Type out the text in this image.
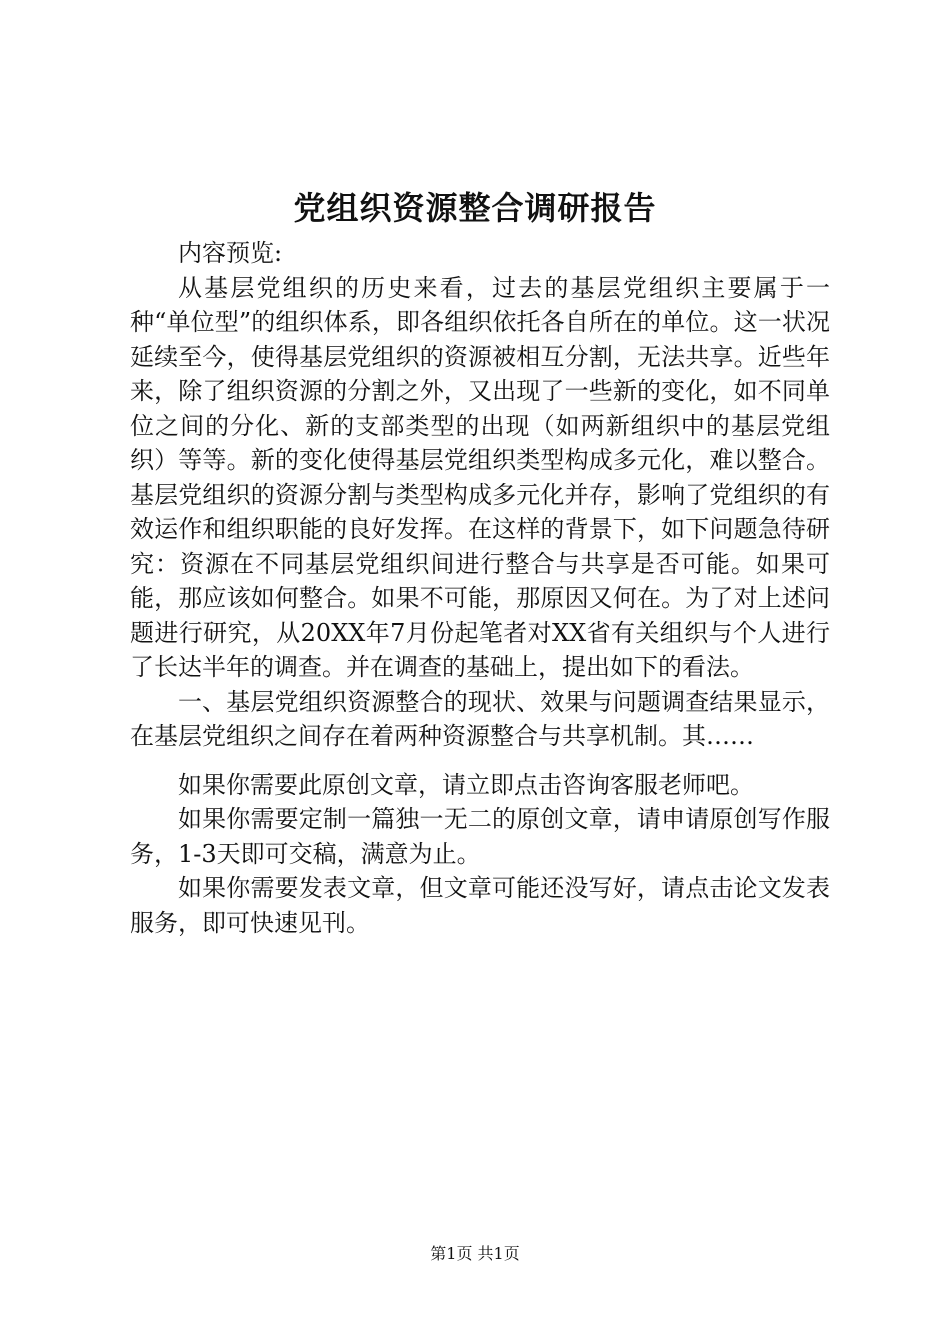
党组织资源整合调研报告

内容预览:

从基层党组织的历史来看，过去的基层党组织主要属于一种“单位型”的组织体系，即各组织依托各自所在的单位。这一状况延续至今，使得基层党组织的资源被相互分割，无法共享。近些年来，除了组织资源的分割之外，又出现了一些新的变化，如不同单位之间的分化、新的支部类型的出现（如两新组织中的基层党组织）等等。新的变化使得基层党组织类型构成多元化，难以整合。基层党组织的资源分割与类型构成多元化并存，影响了党组织的有效运作和组织职能的良好发挥。在这样的背景下，如下问题急待研究：资源在不同基层党组织间进行整合与共享是否可能。如果可能，那应该如何整合。如果不可能，那原因又何在。为了对上述问题进行研究，从20XX年7月份起笔者对XX省有关组织与个人进行了长达半年的调查。并在调查的基础上，提出如下的看法。

一、基层党组织资源整合的现状、效果与问题调查结果显示，在基层党组织之间存在着两种资源整合与共享机制。其……

如果你需要此原创文章，请立即点击咨询客服老师吧。

如果你需要定制一篇独一无二的原创文章，请申请原创写作服务，1-3天即可交稿，满意为止。

如果你需要发表文章，但文章可能还没写好，请点击论文发表服务，即可快速见刊。

第1页 共1页
